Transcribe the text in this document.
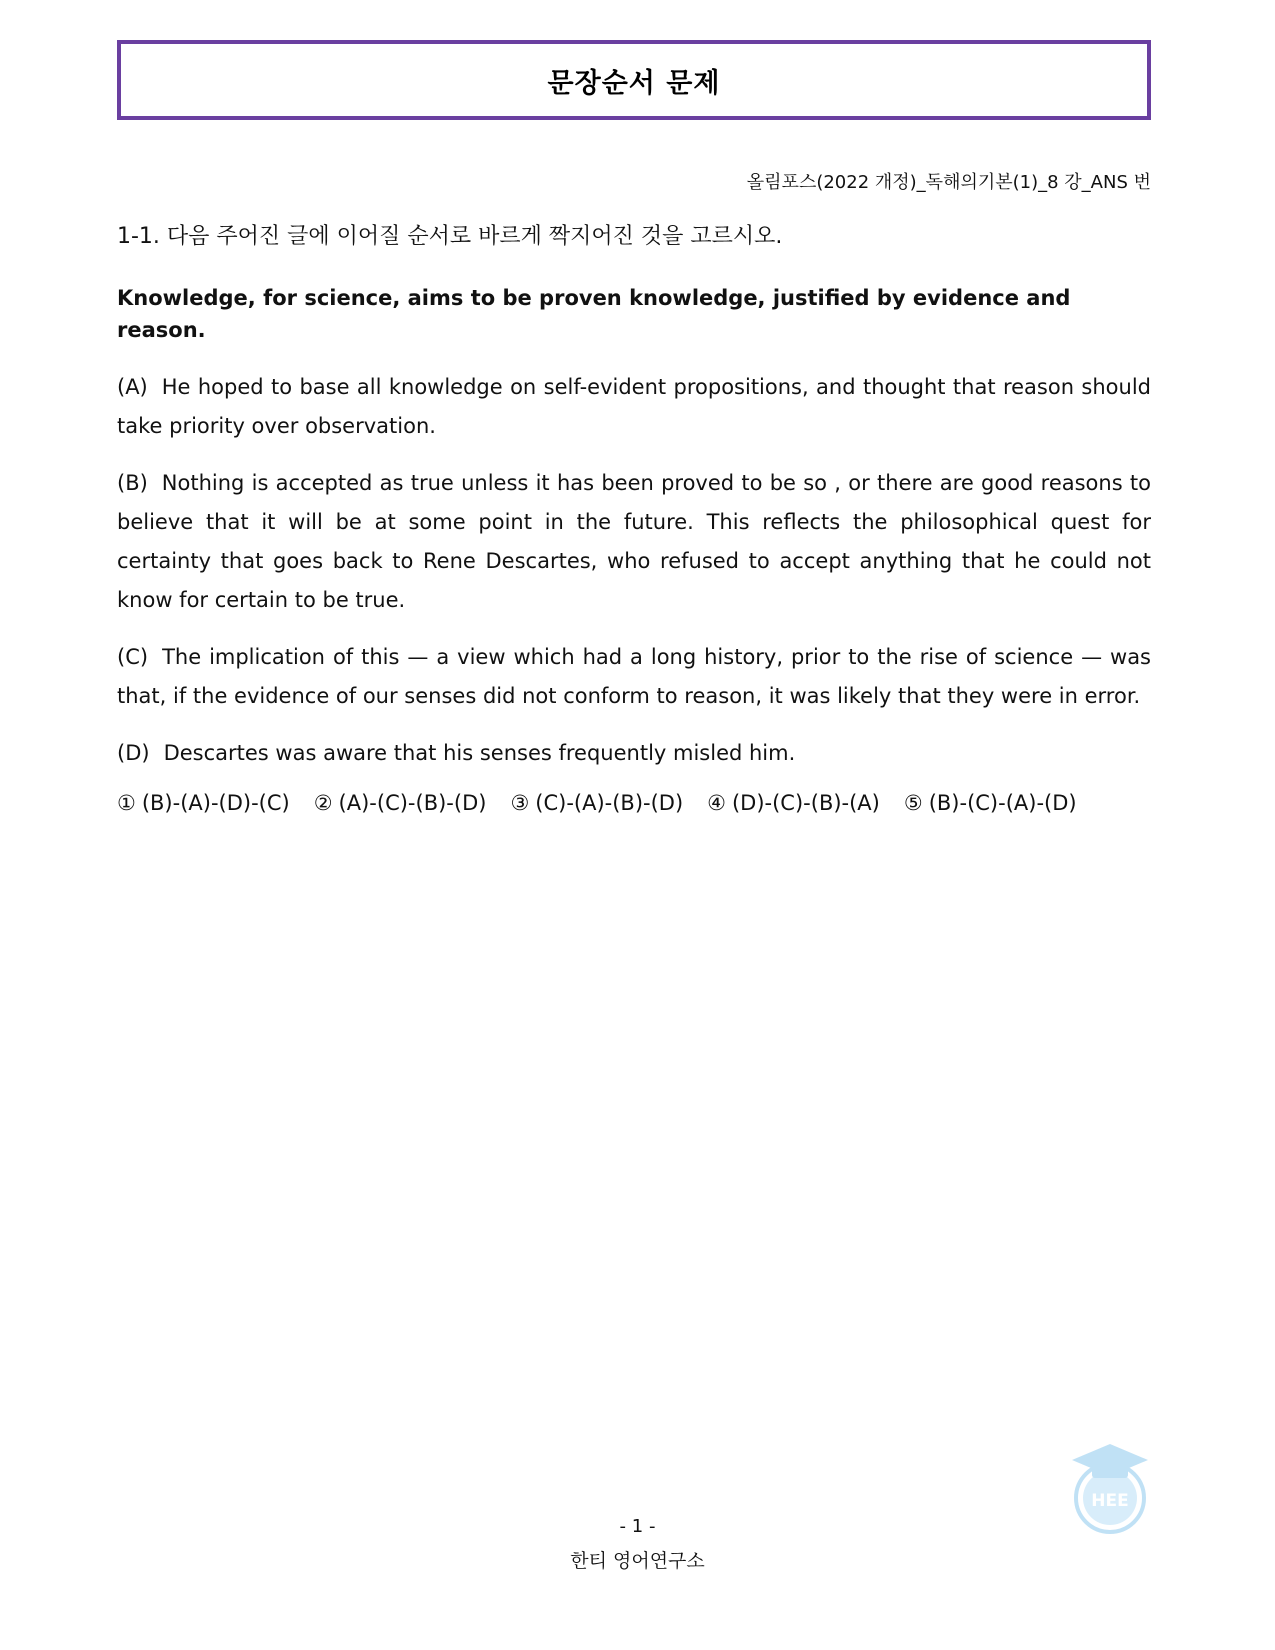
문장순서 문제
올림포스(2022 개정)_독해의기본(1)_8 강_ANS 번

1-1. 다음 주어진 글에 이어질 순서로 바르게 짝지어진 것을 고르시오.

Knowledge, for science, aims to be proven knowledge, justified by evidence and reason.

(A) He hoped to base all knowledge on self-evident propositions, and thought that reason should take priority over observation.

(B) Nothing is accepted as true unless it has been proved to be so , or there are good reasons to believe that it will be at some point in the future. This reflects the philosophical quest for certainty that goes back to Rene Descartes, who refused to accept anything that he could not know for certain to be true.

(C) The implication of this — a view which had a long history, prior to the rise of science — was that, if the evidence of our senses did not conform to reason, it was likely that they were in error.

(D) Descartes was aware that his senses frequently misled him.

① (B)-(A)-(D)-(C) ② (A)-(C)-(B)-(D) ③ (C)-(A)-(B)-(D) ④ (D)-(C)-(B)-(A) ⑤ (B)-(C)-(A)-(D)
- 1 -
한티 영어연구소
HEE
